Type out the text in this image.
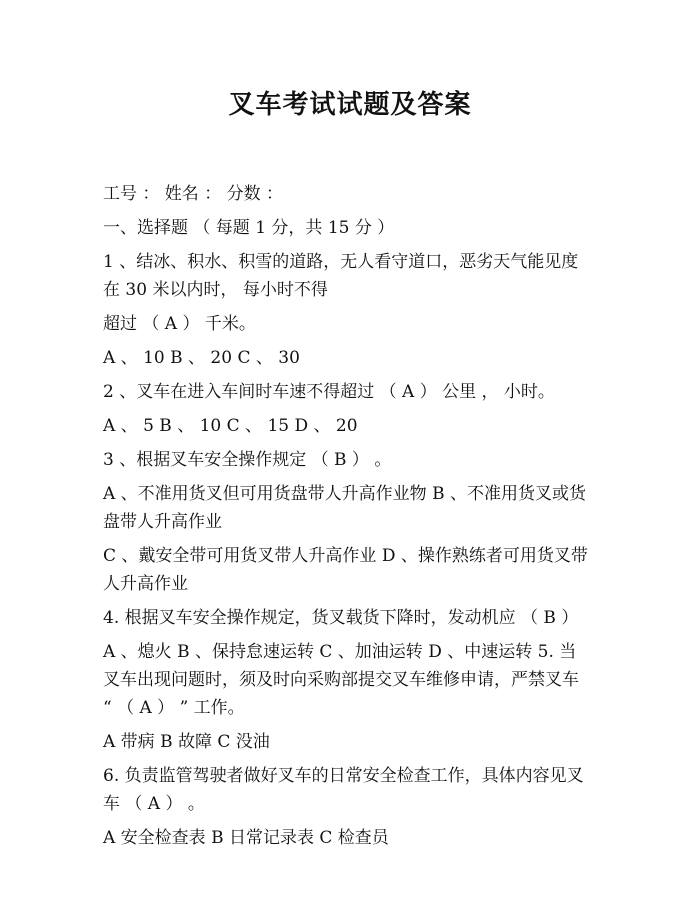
叉车考试试题及答案

工号 ： 姓名 ： 分数 ：

一、选择题 （ 每题 1 分，共 15 分 ）

1 、结冰、积水、积雪的道路，无人看守道口，恶劣天气能见度在 30 米以内时， 每小时不得

超过 （ A ） 千米。

A 、 10 B 、 20 C 、 30

2 、叉车在进入车间时车速不得超过 （ A ） 公里 ， 小时。

A 、 5 B 、 10 C 、 15 D 、 20

3 、根据叉车安全操作规定 （ B ） 。

A 、不准用货叉但可用货盘带人升高作业物 B 、不准用货叉或货盘带人升高作业

C 、戴安全带可用货叉带人升高作业 D 、操作熟练者可用货叉带人升高作业

4. 根据叉车安全操作规定，货叉载货下降时，发动机应 （ B ）

A 、熄火 B 、保持怠速运转 C 、加油运转 D 、中速运转 5. 当叉车出现问题时，须及时向采购部提交叉车维修申请，严禁叉车 “ （ A ） ” 工作。

A 带病 B 故障 C 没油

6. 负责监管驾驶者做好叉车的日常安全检查工作，具体内容见叉车 （ A ） 。

A 安全检查表 B 日常记录表 C 检查员
